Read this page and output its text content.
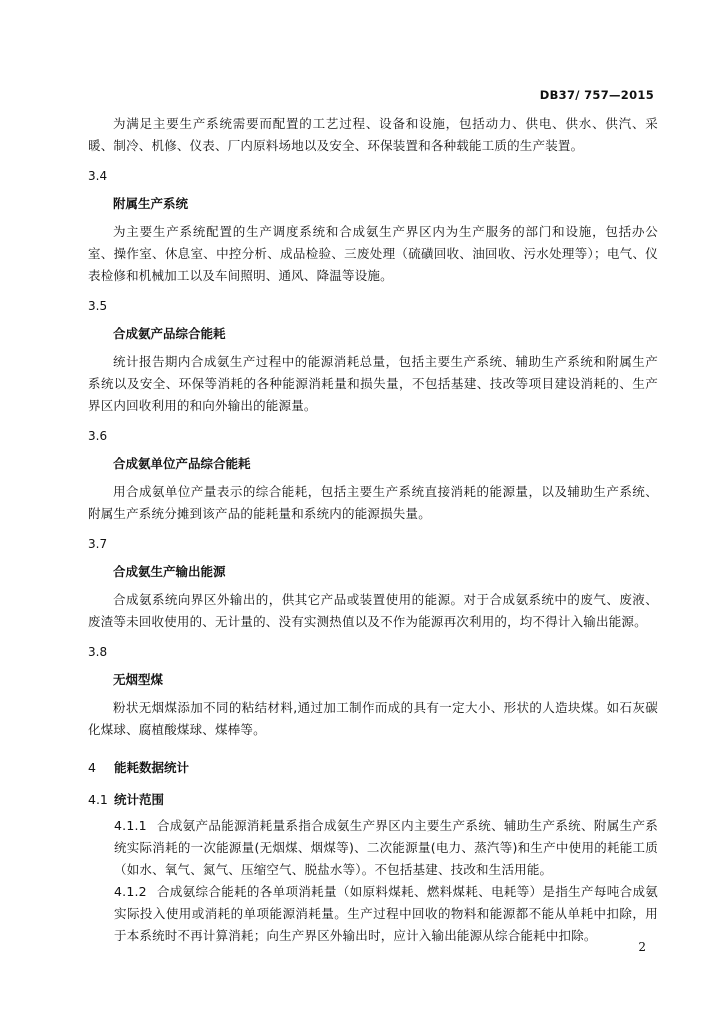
DB37/ 757—2015

为满足主要生产系统需要而配置的工艺过程、设备和设施，包括动力、供电、供水、供汽、采暖、制冷、机修、仪表、厂内原料场地以及安全、环保装置和各种载能工质的生产装置。

3.4

附属生产系统

为主要生产系统配置的生产调度系统和合成氨生产界区内为生产服务的部门和设施，包括办公室、操作室、休息室、中控分析、成品检验、三废处理（硫磺回收、油回收、污水处理等）；电气、仪表检修和机械加工以及车间照明、通风、降温等设施。

3.5

合成氨产品综合能耗

统计报告期内合成氨生产过程中的能源消耗总量，包括主要生产系统、辅助生产系统和附属生产系统以及安全、环保等消耗的各种能源消耗量和损失量，不包括基建、技改等项目建设消耗的、生产界区内回收利用的和向外输出的能源量。

3.6

合成氨单位产品综合能耗

用合成氨单位产量表示的综合能耗，包括主要生产系统直接消耗的能源量，以及辅助生产系统、附属生产系统分摊到该产品的能耗量和系统内的能源损失量。

3.7

合成氨生产输出能源

合成氨系统向界区外输出的，供其它产品或装置使用的能源。对于合成氨系统中的废气、废液、废渣等未回收使用的、无计量的、没有实测热值以及不作为能源再次利用的，均不得计入输出能源。

3.8

无烟型煤

粉状无烟煤添加不同的粘结材料,通过加工制作而成的具有一定大小、形状的人造块煤。如石灰碳化煤球、腐植酸煤球、煤棒等。

4 能耗数据统计

4.1 统计范围

4.1.1 合成氨产品能源消耗量系指合成氨生产界区内主要生产系统、辅助生产系统、附属生产系统实际消耗的一次能源量(无烟煤、烟煤等)、二次能源量(电力、蒸汽等)和生产中使用的耗能工质（如水、氧气、氮气、压缩空气、脱盐水等）。不包括基建、技改和生活用能。

4.1.2 合成氨综合能耗的各单项消耗量（如原料煤耗、燃料煤耗、电耗等）是指生产每吨合成氨实际投入使用或消耗的单项能源消耗量。生产过程中回收的物料和能源都不能从单耗中扣除，用于本系统时不再计算消耗；向生产界区外输出时，应计入输出能源从综合能耗中扣除。

2
